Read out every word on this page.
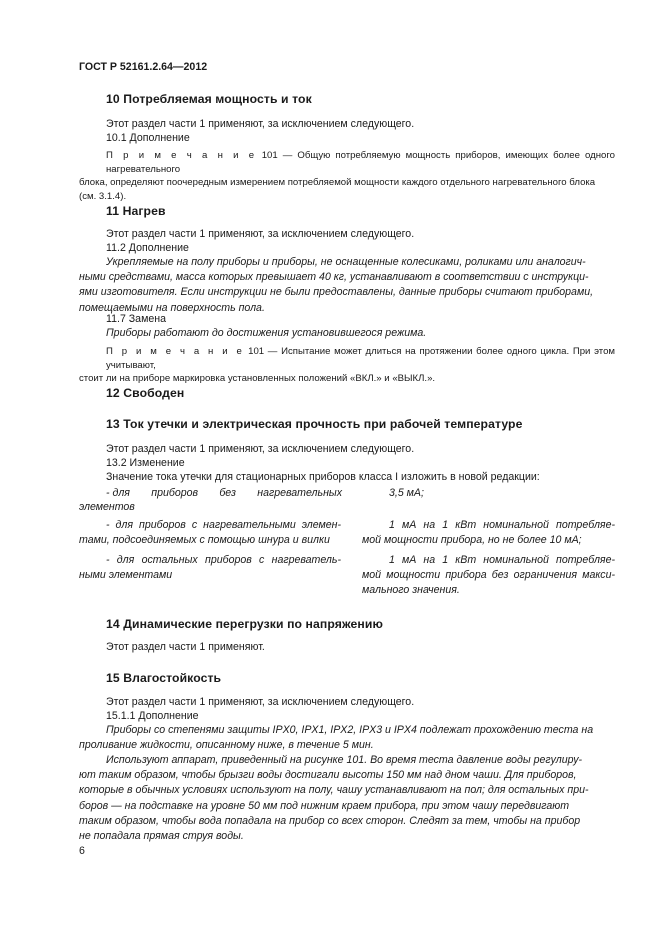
ГОСТ Р 52161.2.64—2012
10 Потребляемая мощность и ток
Этот раздел части 1 применяют, за исключением следующего.
10.1 Дополнение
П р и м е ч а н и е 101 — Общую потребляемую мощность приборов, имеющих более одного нагревательного
блока, определяют поочередным измерением потребляемой мощности каждого отдельного нагревательного блока
(см. 3.1.4).
11 Нагрев
Этот раздел части 1 применяют, за исключением следующего.
11.2 Дополнение
Укрепляемые на полу приборы и приборы, не оснащенные колесиками, роликами или аналогич-
ными средствами, масса которых превышает 40 кг, устанавливают в соответствии с инструкци-
ями изготовителя. Если инструкции не были предоставлены, данные приборы считают приборами,
помещаемыми на поверхность пола.
11.7 Замена
Приборы работают до достижения установившегося режима.
П р и м е ч а н и е 101 — Испытание может длиться на протяжении более одного цикла. При этом учитывают,
стоит ли на приборе маркировка установленных положений «ВКЛ.» и «ВЫКЛ.».
12 Свободен
13 Ток утечки и электрическая прочность при рабочей температуре
Этот раздел части 1 применяют, за исключением следующего.
13.2 Изменение
Значение тока утечки для стационарных приборов класса I изложить в новой редакции:
- для приборов без нагревательных
элементов
3,5 мА;
- для приборов с нагревательными элемен-
тами, подсоединяемых с помощью шнура и вилки
1 мА на 1 кВт номинальной потребляе-
мой мощности прибора, но не более 10 мА;
- для остальных приборов с нагреватель-
ными элементами
1 мА на 1 кВт номинальной потребляе-
мой мощности прибора без ограничения макси-
мального значения.
14 Динамические перегрузки по напряжению
Этот раздел части 1 применяют.
15 Влагостойкость
Этот раздел части 1 применяют, за исключением следующего.
15.1.1 Дополнение
Приборы со степенями защиты IPX0, IPX1, IPX2, IPX3 и IPX4 подлежат прохождению теста на
проливание жидкости, описанному ниже, в течение 5 мин.
Используют аппарат, приведенный на рисунке 101. Во время теста давление воды регулиру-
ют таким образом, чтобы брызги воды достигали высоты 150 мм над дном чаши. Для приборов,
которые в обычных условиях используют на полу, чашу устанавливают на пол; для остальных при-
боров — на подставке на уровне 50 мм под нижним краем прибора, при этом чашу передвигают
таким образом, чтобы вода попадала на прибор со всех сторон. Следят за тем, чтобы на прибор
не попадала прямая струя воды.
6
